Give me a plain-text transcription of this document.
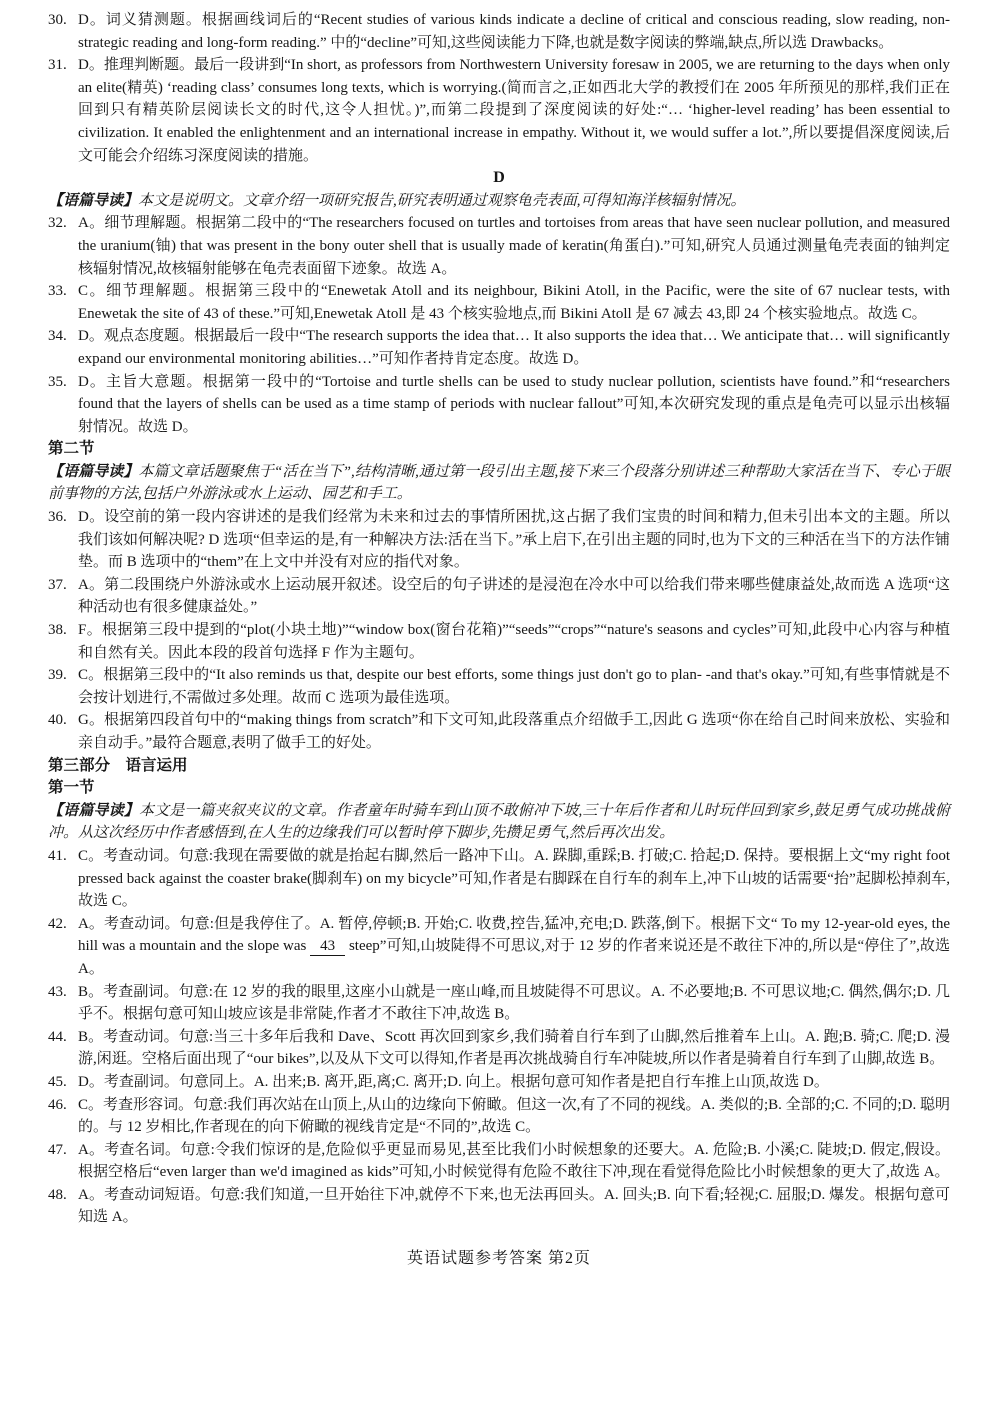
30. D。词义猜测题。根据画线词后的“Recent studies of various kinds indicate a decline of critical and conscious reading, slow reading, non-strategic reading and long-form reading.” 中的“decline”可知,这些阅读能力下降,也就是数字阅读的弊端,缺点,所以选 Drawbacks。
31. D。推理判断题。最后一段讲到“In short, as professors from Northwestern University foresaw in 2005, we are returning to the days when only an elite(精英) ‘reading class’ consumes long texts, which is worrying.(简而言之,正如西北大学的教授们在 2005 年所预见的那样,我们正在回到只有精英阶层阅读长文的时代,这令人担忧。)”,而第二段提到了深度阅读的好处:“… ‘higher-level reading’ has been essential to civilization. It enabled the enlightenment and an international increase in empathy. Without it, we would suffer a lot.”,所以要提倡深度阅读,后文可能会介绍练习深度阅读的措施。
D
【语篇导读】本文是说明文。文章介绍一项研究报告,研究表明通过观察龟壳表面,可得知海洋核辐射情况。
32. A。细节理解题。根据第二段中的“The researchers focused on turtles and tortoises from areas that have seen nuclear pollution, and measured the uranium(铀) that was present in the bony outer shell that is usually made of keratin(角蛋白).”可知,研究人员通过测量龟壳表面的铀判定核辐射情况,故核辐射能够在龟壳表面留下迹象。故选 A。
33. C。细节理解题。根据第三段中的“Enewetak Atoll and its neighbour, Bikini Atoll, in the Pacific, were the site of 67 nuclear tests, with Enewetak the site of 43 of these.”可知,Enewetak Atoll 是 43 个核实验地点,而 Bikini Atoll 是 67 减去 43,即 24 个核实验地点。故选 C。
34. D。观点态度题。根据最后一段中“The research supports the idea that… It also supports the idea that… We anticipate that… will significantly expand our environmental monitoring abilities…”可知作者持肯定态度。故选 D。
35. D。主旨大意题。根据第一段中的“Tortoise and turtle shells can be used to study nuclear pollution, scientists have found.”和“researchers found that the layers of shells can be used as a time stamp of periods with nuclear fallout”可知,本次研究发现的重点是龟壳可以显示出核辐射情况。故选 D。
第二节
【语篇导读】本篇文章话题聚焦于“活在当下”,结构清晰,通过第一段引出主题,接下来三个段落分别讲述三种帮助大家活在当下、专心于眼前事物的方法,包括户外游泳或水上运动、园艺和手工。
36. D。设空前的第一段内容讲述的是我们经常为未来和过去的事情所困扰,这占据了我们宝贵的时间和精力,但未引出本文的主题。所以我们该如何解决呢? D 选项“但幸运的是,有一种解决方法:活在当下。”承上启下,在引出主题的同时,也为下文的三种活在当下的方法作铺垫。而 B 选项中的“them”在上文中并没有对应的指代对象。
37. A。第二段围绕户外游泳或水上运动展开叙述。设空后的句子讲述的是浸泡在冷水中可以给我们带来哪些健康益处,故而选 A 选项“这种活动也有很多健康益处。”
38. F。根据第三段中提到的“plot(小块土地)”“window box(窗台花箱)”“seeds”“crops”“nature's seasons and cycles”可知,此段中心内容与种植和自然有关。因此本段的段首句选择 F 作为主题句。
39. C。根据第三段中的“It also reminds us that, despite our best efforts, some things just don't go to plan- -and that's okay.”可知,有些事情就是不会按计划进行,不需做过多处理。故而 C 选项为最佳选项。
40. G。根据第四段首句中的“making things from scratch”和下文可知,此段落重点介绍做手工,因此 G 选项“你在给自己时间来放松、实验和亲自动手。”最符合题意,表明了做手工的好处。
第三部分　语言运用
第一节
【语篇导读】本文是一篇夹叙夹议的文章。作者童年时骑车到山顶不敢俯冲下坡,三十年后作者和儿时玩伴回到家乡,鼓足勇气成功挑战俯冲。从这次经历中作者感悟到,在人生的边缘我们可以暂时停下脚步,先攒足勇气,然后再次出发。
41. C。考查动词。句意:我现在需要做的就是抬起右脚,然后一路冲下山。A. 跺脚,重踩;B. 打破;C. 拾起;D. 保持。要根据上文“my right foot pressed back against the coaster brake(脚刹车) on my bicycle”可知,作者是右脚踩在自行车的刹车上,冲下山坡的话需要“抬”起脚松掉刹车,故选 C。
42. A。考查动词。句意:但是我停住了。A. 暂停,停顿;B. 开始;C. 收费,控告,猛冲,充电;D. 跌落,倒下。根据下文“ To my 12-year-old eyes, the hill was a mountain and the slope was 43 steep”可知,山坡陡得不可思议,对于 12 岁的作者来说还是不敢往下冲的,所以是“停住了”,故选 A。
43. B。考查副词。句意:在 12 岁的我的眼里,这座小山就是一座山峰,而且坡陡得不可思议。A. 不必要地;B. 不可思议地;C. 偶然,偶尔;D. 几乎不。根据句意可知山坡应该是非常陡,作者才不敢往下冲,故选 B。
44. B。考查动词。句意:当三十多年后我和 Dave、Scott 再次回到家乡,我们骑着自行车到了山脚,然后推着车上山。A. 跑;B. 骑;C. 爬;D. 漫游,闲逛。空格后面出现了“our bikes”,以及从下文可以得知,作者是再次挑战骑自行车冲陡坡,所以作者是骑着自行车到了山脚,故选 B。
45. D。考查副词。句意同上。A. 出来;B. 离开,距,离;C. 离开;D. 向上。根据句意可知作者是把自行车推上山顶,故选 D。
46. C。考查形容词。句意:我们再次站在山顶上,从山的边缘向下俯瞰。但这一次,有了不同的视线。A. 类似的;B. 全部的;C. 不同的;D. 聪明的。与 12 岁相比,作者现在的向下俯瞰的视线肯定是“不同的”,故选 C。
47. A。考查名词。句意:令我们惊讶的是,危险似乎更显而易见,甚至比我们小时候想象的还要大。A. 危险;B. 小溪;C. 陡坡;D. 假定,假设。根据空格后“even larger than we'd imagined as kids”可知,小时候觉得有危险不敢往下冲,现在看觉得危险比小时候想象的更大了,故选 A。
48. A。考查动词短语。句意:我们知道,一旦开始往下冲,就停不下来,也无法再回头。A. 回头;B. 向下看;轻视;C. 屈服;D. 爆发。根据句意可知选 A。
英语试题参考答案 第2页
